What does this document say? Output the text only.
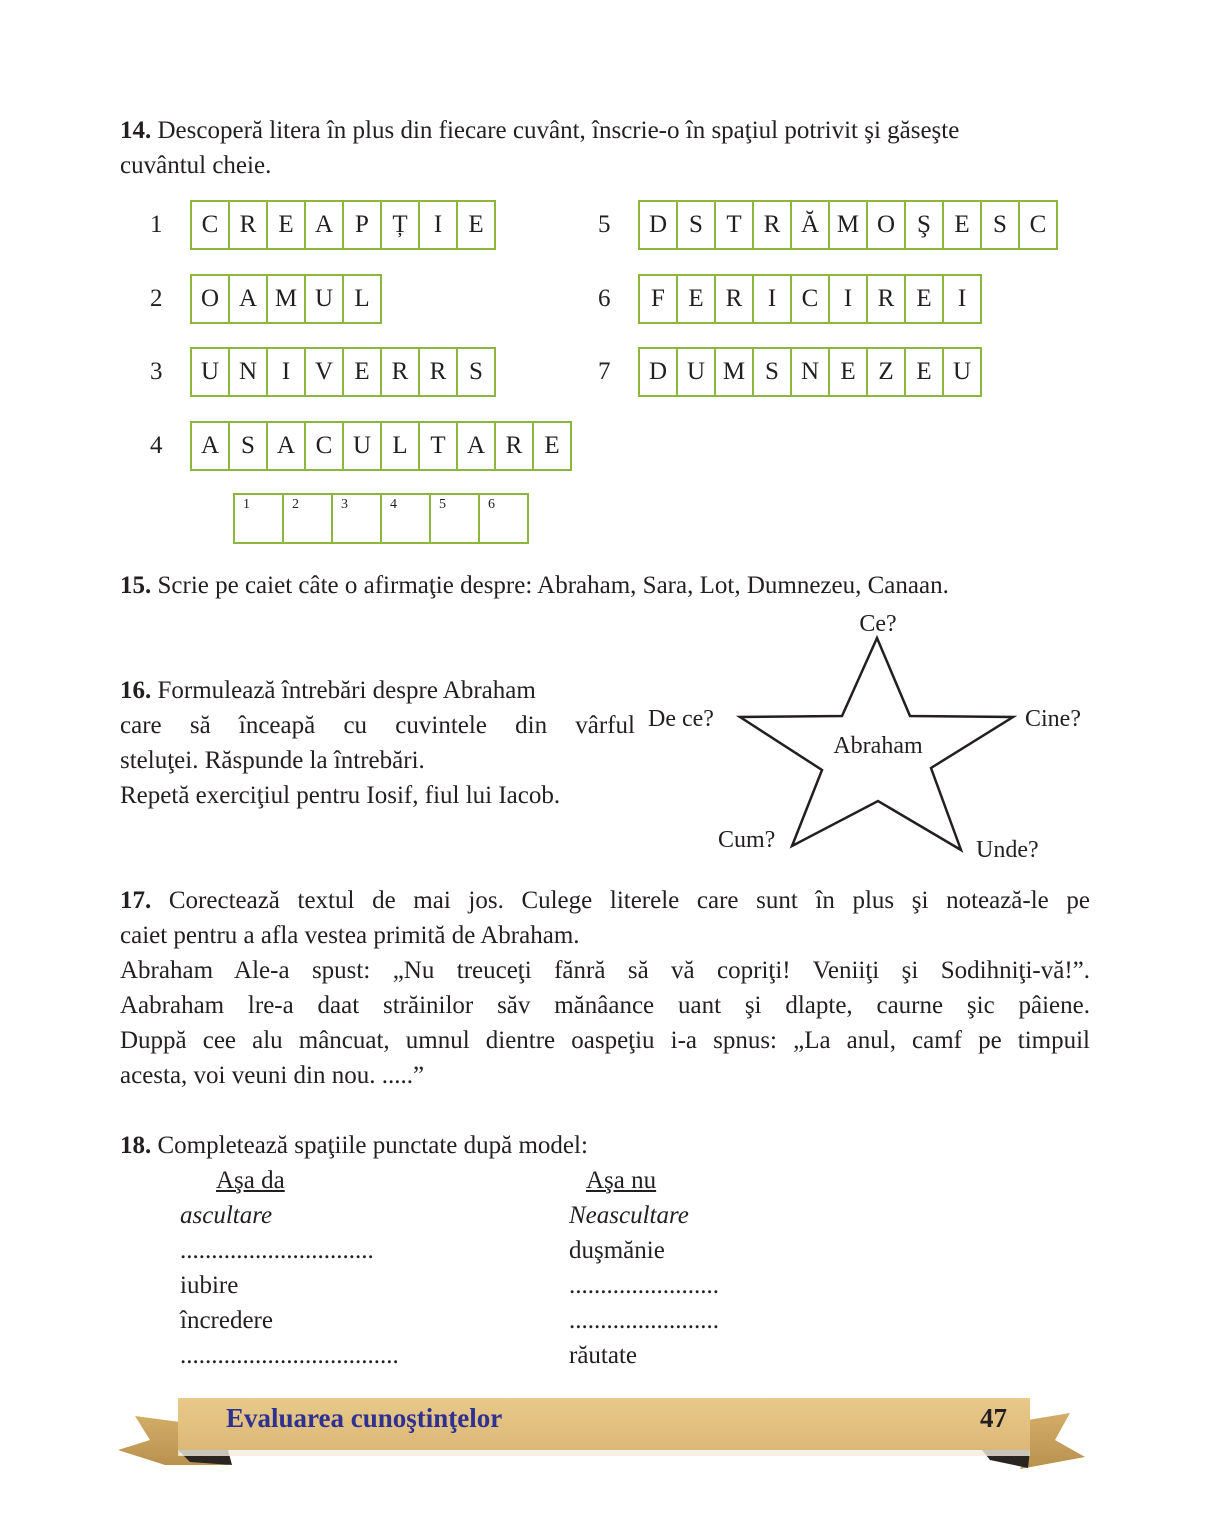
14. Descoperă litera în plus din fiecare cuvânt, înscrie-o în spaţiul potrivit şi găseşte
cuvântul cheie.
1	C R E A P Ț	I	E
2	O A M U L
3	U N I V E R R S
4	A S A C U L T A R E
5	D S T R Ă M O Ş E S C
6	F E R	I	C	I	R E	I
7	D U M S N E Z E U
1	2	3	4	5	6
15. Scrie pe caiet câte o afirmaţie despre: Abraham, Sara, Lot, Dumnezeu, Canaan.
16. Formulează întrebări despre Abraham
care să înceapă cu cuvintele din vârful
steluţei. Răspunde la întrebări.
Repetă exerciţiul pentru Iosif, fiul lui Iacob.
Abraham
Ce?
De ce?	Cine?
Cum?	Unde?
17. Corectează textul de mai jos. Culege literele care sunt în plus şi notează-le pe
caiet pentru a afla vestea primită de Abraham.
Abraham Ale-a spust: „Nu treuceţi fănră să vă copriţi! Veniiţi şi Sodihniţi-vă!”.
Aabraham lre-a daat străinilor săv mănâance uant şi dlapte, caurne şic pâiene.
Duppă cee alu mâncuat, umnul dientre oaspeţiu i-a spnus: „La anul, camf pe timpuil
acesta, voi veuni din nou. .....”
18. Completează spaţiile punctate după model:
Aşa da	Aşa nu
ascultare	Neascultare
...............................	duşmănie
iubire	........................
încredere	........................
...................................	răutate
Evaluarea cunoştinţelor	47
